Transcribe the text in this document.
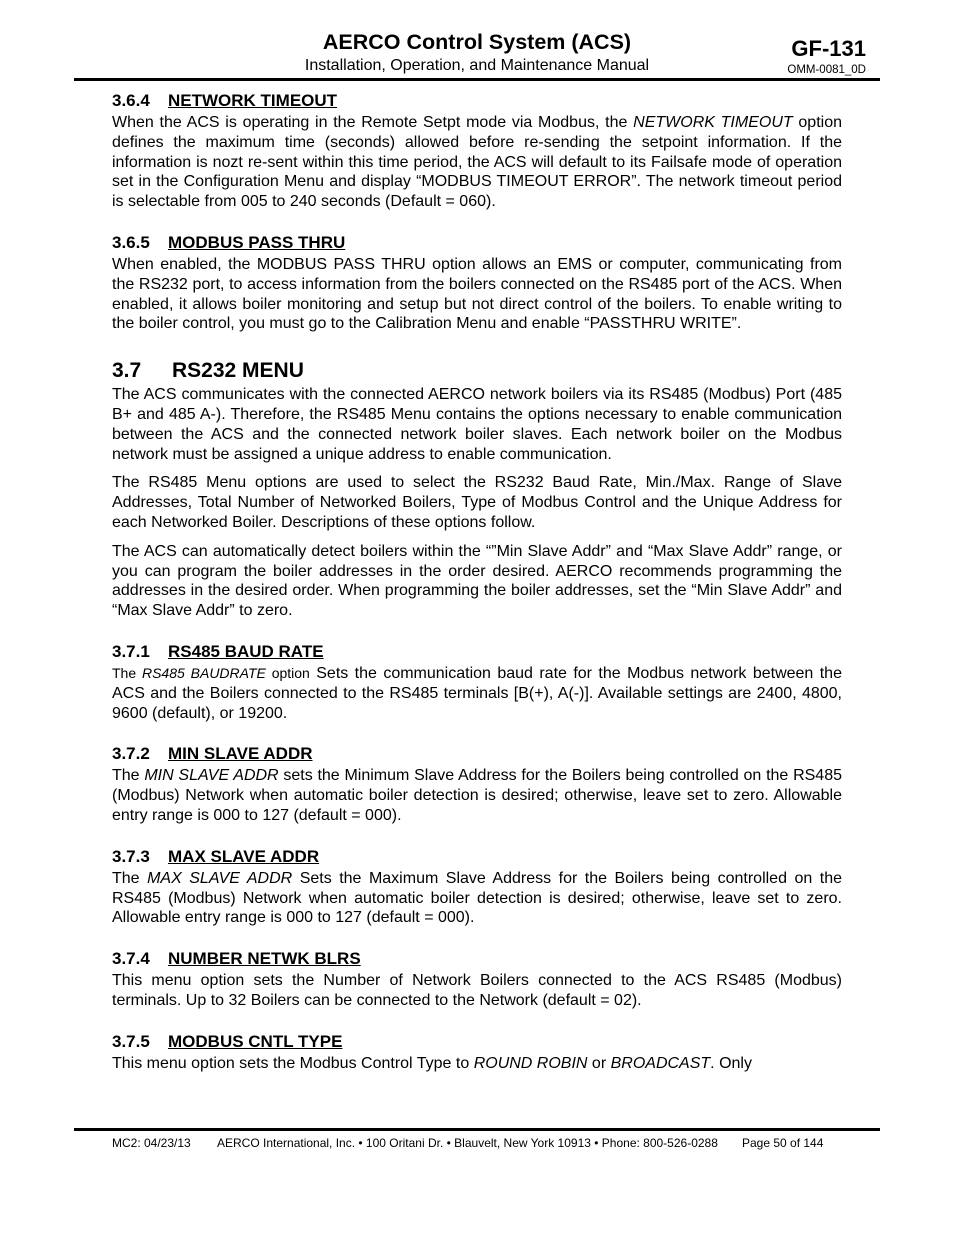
AERCO Control System (ACS)
Installation, Operation, and Maintenance Manual
GF-131
OMM-0081_0D
3.6.4 NETWORK TIMEOUT

When the ACS is operating in the Remote Setpt mode via Modbus, the NETWORK TIMEOUT option defines the maximum time (seconds) allowed before re-sending the setpoint information. If the information is nozt re-sent within this time period, the ACS will default to its Failsafe mode of operation set in the Configuration Menu and display “MODBUS TIMEOUT ERROR”. The network timeout period is selectable from 005 to 240 seconds (Default = 060).

3.6.5 MODBUS PASS THRU

When enabled, the MODBUS PASS THRU option allows an EMS or computer, communicating from the RS232 port, to access information from the boilers connected on the RS485 port of the ACS. When enabled, it allows boiler monitoring and setup but not direct control of the boilers. To enable writing to the boiler control, you must go to the Calibration Menu and enable “PASSTHRU WRITE”.

3.7 RS232 MENU

The ACS communicates with the connected AERCO network boilers via its RS485 (Modbus) Port (485 B+ and 485 A-). Therefore, the RS485 Menu contains the options necessary to enable communication between the ACS and the connected network boiler slaves. Each network boiler on the Modbus network must be assigned a unique address to enable communication.

The RS485 Menu options are used to select the RS232 Baud Rate, Min./Max. Range of Slave Addresses, Total Number of Networked Boilers, Type of Modbus Control and the Unique Address for each Networked Boiler. Descriptions of these options follow.

The ACS can automatically detect boilers within the “”Min Slave Addr” and “Max Slave Addr” range, or you can program the boiler addresses in the order desired. AERCO recommends programming the addresses in the desired order. When programming the boiler addresses, set the “Min Slave Addr” and “Max Slave Addr” to zero.

3.7.1 RS485 BAUD RATE

The RS485 BAUDRATE option Sets the communication baud rate for the Modbus network between the ACS and the Boilers connected to the RS485 terminals [B(+), A(-)]. Available settings are 2400, 4800, 9600 (default), or 19200.

3.7.2 MIN SLAVE ADDR

The MIN SLAVE ADDR sets the Minimum Slave Address for the Boilers being controlled on the RS485 (Modbus) Network when automatic boiler detection is desired; otherwise, leave set to zero. Allowable entry range is 000 to 127 (default = 000).

3.7.3 MAX SLAVE ADDR

The MAX SLAVE ADDR Sets the Maximum Slave Address for the Boilers being controlled on the RS485 (Modbus) Network when automatic boiler detection is desired; otherwise, leave set to zero. Allowable entry range is 000 to 127 (default = 000).

3.7.4 NUMBER NETWK BLRS

This menu option sets the Number of Network Boilers connected to the ACS RS485 (Modbus) terminals. Up to 32 Boilers can be connected to the Network (default = 02).

3.7.5 MODBUS CNTL TYPE

This menu option sets the Modbus Control Type to ROUND ROBIN or BROADCAST. Only

MC2: 04/23/13 AERCO International, Inc. • 100 Oritani Dr. • Blauvelt, New York 10913 • Phone: 800-526-0288 Page 50 of 144
